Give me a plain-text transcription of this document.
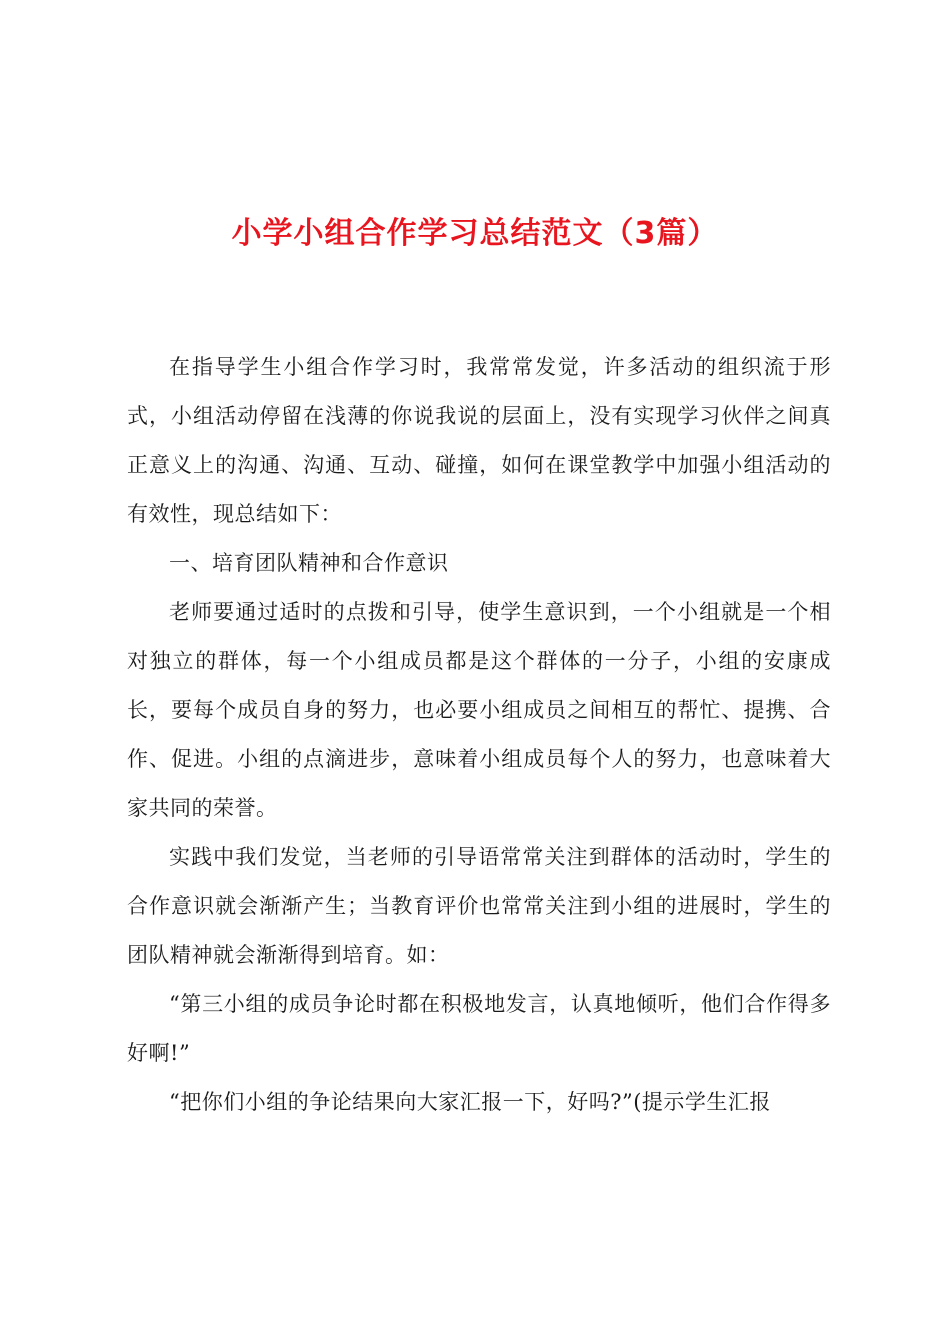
小学小组合作学习总结范文（3篇）

在指导学生小组合作学习时，我常常发觉，许多活动的组织流于形式，小组活动停留在浅薄的你说我说的层面上，没有实现学习伙伴之间真正意义上的沟通、沟通、互动、碰撞，如何在课堂教学中加强小组活动的有效性，现总结如下：

一、培育团队精神和合作意识

老师要通过适时的点拨和引导，使学生意识到，一个小组就是一个相对独立的群体，每一个小组成员都是这个群体的一分子，小组的安康成长，要每个成员自身的努力，也必要小组成员之间相互的帮忙、提携、合作、促进。小组的点滴进步，意味着小组成员每个人的努力，也意味着大家共同的荣誉。

实践中我们发觉，当老师的引导语常常关注到群体的活动时，学生的合作意识就会渐渐产生；当教育评价也常常关注到小组的进展时，学生的团队精神就会渐渐得到培育。如：

“第三小组的成员争论时都在积极地发言，认真地倾听，他们合作得多好啊!”

“把你们小组的争论结果向大家汇报一下，好吗?”(提示学生汇报
